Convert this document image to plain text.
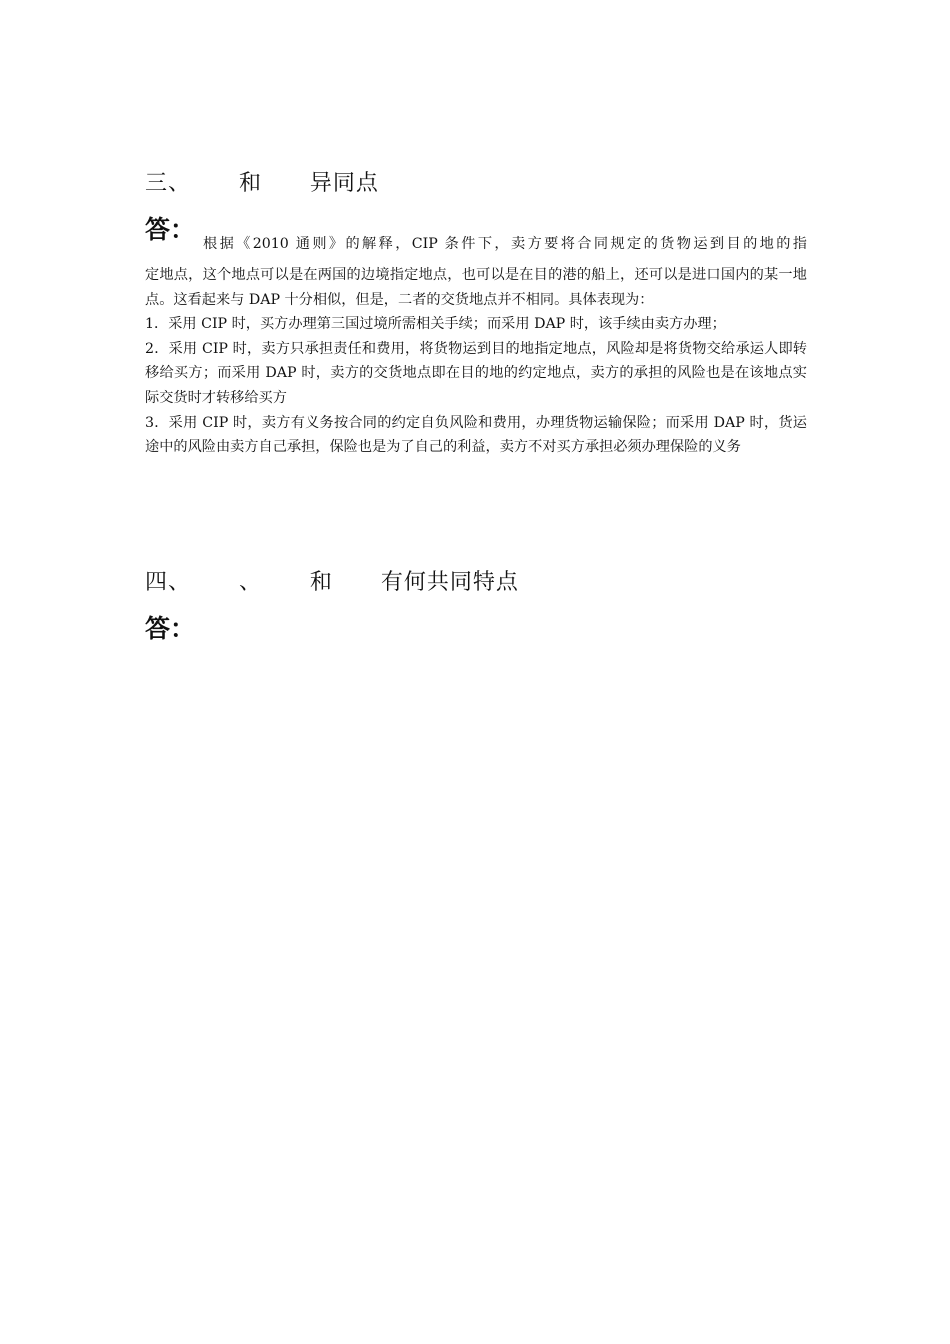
三、      和      异同点
答： 根据《2010 通则》的解释，CIP 条件下，卖方要将合同规定的货物运到目的地的指

定地点，这个地点可以是在两国的边境指定地点，也可以是在目的港的船上，还可以是进口国内的某一地点。这看起来与 DAP 十分相似，但是，二者的交货地点并不相同。具体表现为：

1．采用 CIP 时，买方办理第三国过境所需相关手续；而采用 DAP 时，该手续由卖方办理；

2．采用 CIP 时，卖方只承担责任和费用，将货物运到目的地指定地点，风险却是将货物交给承运人即转移给买方；而采用 DAP 时，卖方的交货地点即在目的地的约定地点，卖方的承担的风险也是在该地点实际交货时才转移给买方

3．采用 CIP 时，卖方有义务按合同的约定自负风险和费用，办理货物运输保险；而采用 DAP 时，货运途中的风险由卖方自己承担，保险也是为了自己的利益，卖方不对买方承担必须办理保险的义务

四、      、      和      有何共同特点
答：
